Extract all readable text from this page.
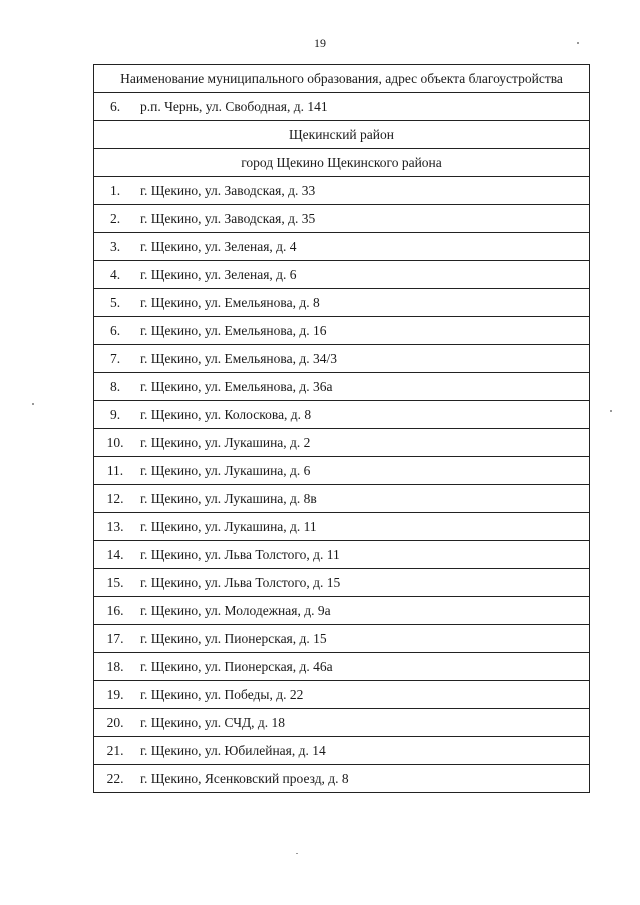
19
Наименование муниципального образования, адрес объекта благоустройства
6. р.п. Чернь, ул. Свободная, д. 141
Щекинский район
город Щекино Щекинского района
1. г. Щекино, ул. Заводская, д. 33
2. г. Щекино, ул. Заводская, д. 35
3. г. Щекино, ул. Зеленая, д. 4
4. г. Щекино, ул. Зеленая, д. 6
5. г. Щекино, ул. Емельянова, д. 8
6. г. Щекино, ул. Емельянова, д. 16
7. г. Щекино, ул. Емельянова, д. 34/3
8. г. Щекино, ул. Емельянова, д. 36а
9. г. Щекино, ул. Колоскова, д. 8
10. г. Щекино, ул. Лукашина, д. 2
11. г. Щекино, ул. Лукашина, д. 6
12. г. Щекино, ул. Лукашина, д. 8в
13. г. Щекино, ул. Лукашина, д. 11
14. г. Щекино, ул. Льва Толстого, д. 11
15. г. Щекино, ул. Льва Толстого, д. 15
16. г. Щекино, ул. Молодежная, д. 9а
17. г. Щекино, ул. Пионерская, д. 15
18. г. Щекино, ул. Пионерская, д. 46а
19. г. Щекино, ул. Победы, д. 22
20. г. Щекино, ул. СЧД, д. 18
21. г. Щекино, ул. Юбилейная, д. 14
22. г. Щекино, Ясенковский проезд, д. 8
